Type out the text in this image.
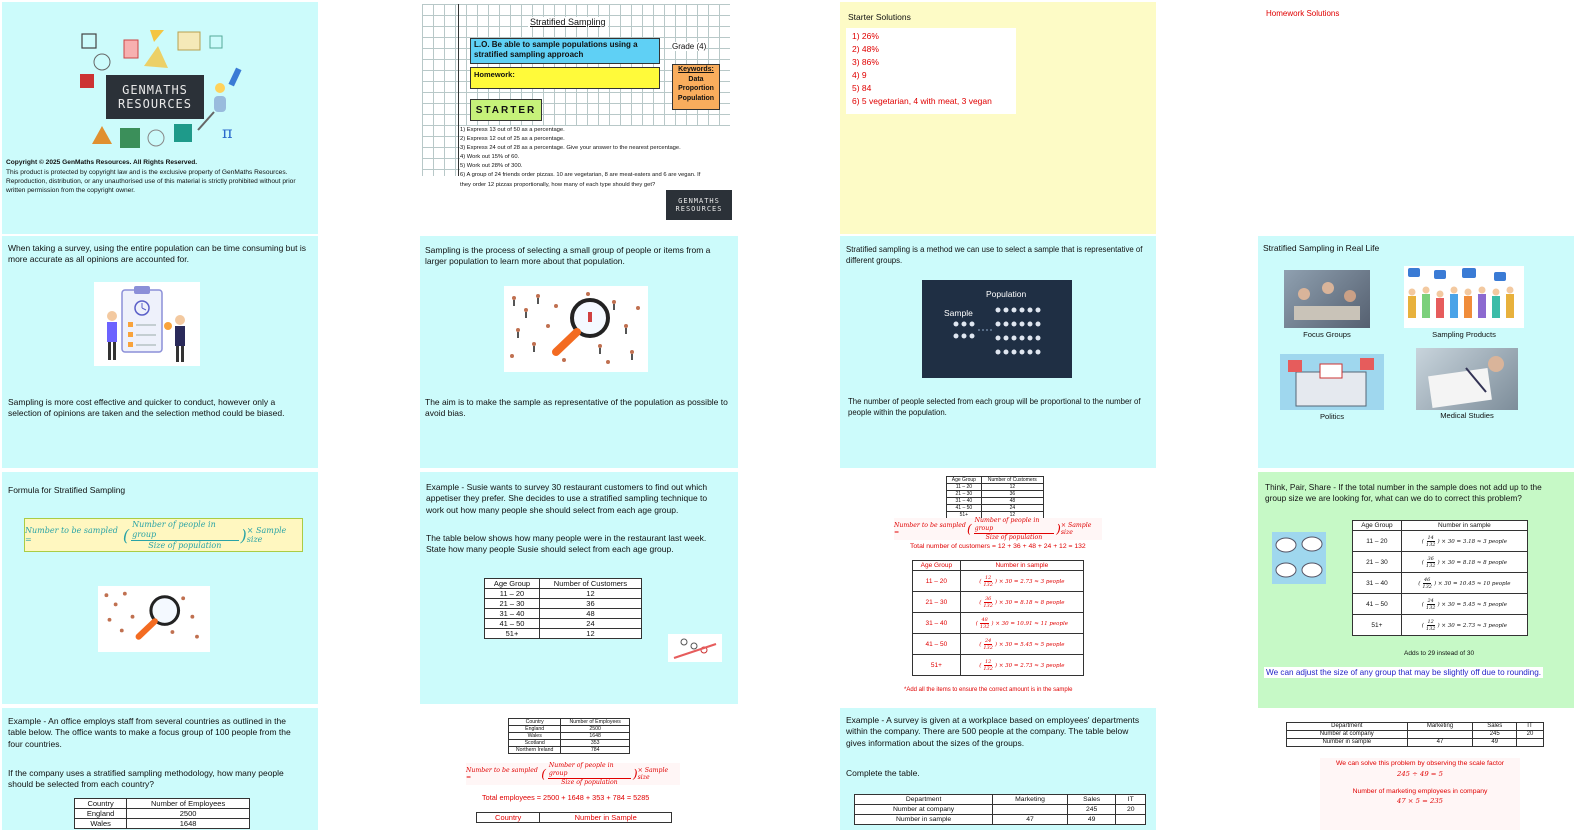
π
GENMATHS
RESOURCES

Copyright © 2025 GenMaths Resources. All Rights Reserved.

This product is protected by copyright law and is the exclusive property of GenMaths Resources. Reproduction, distribution, or any unauthorised use of this material is strictly prohibited without prior written permission from the copyright owner.

Stratified Sampling

L.O. Be able to sample populations using a stratified sampling approach

Grade (4)

Homework:

Keywords:
Data
Proportion
Population
STARTER

1) Express 13 out of 50 as a percentage.

2) Express 12 out of 25 as a percentage.

3) Express 24 out of 28 as a percentage. Give your answer to the nearest percentage.

4) Work out 15% of 60.

5) Work out 28% of 300.

6) A group of 24 friends order pizzas. 10 are vegetarian, 8 are meat-eaters and 6 are vegan. If

they order 12 pizzas proportionally, how many of each type should they get?

GENMATHS
RESOURCES

Starter Solutions

1) 26%

2) 48%

3) 86%

4) 9

5) 84

6) 5 vegetarian, 4 with meat, 3 vegan

Homework Solutions

When taking a survey, using the entire population can be time consuming but is more accurate as all opinions are accounted for.

Sampling is more cost effective and quicker to conduct, however only a selection of opinions are taken and the selection method could be biased.

Sampling is the process of selecting a small group of people or items from a larger population to learn more about that population.

The aim is to make the sample as representative of the population as possible to avoid bias.

Stratified sampling is a method we can use to select a sample that is representative of different groups.

Sample
Population

The number of people selected from each group will be proportional to the number of people within the population.

Stratified Sampling in Real Life

Focus Groups	Sampling Products

Politics	Medical Studies

Formula for Stratified Sampling

Number to be sampled =	( $\frac{\text{Number of people in group}}{\text{Size of population}}$ ) × Sample size

Example - Susie wants to survey 30 restaurant customers to find out which appetiser they prefer. She decides to use a stratified sampling technique to work out how many people she should select from each age group.

The table below shows how many people were in the restaurant last week. State how many people Susie should select from each age group.

Age Group	Number of Customers
11 – 20	12
21 – 30	36
31 – 40	48
41 – 50	24
51+	12
Age Group	Number of Customers
11 – 20	12
21 – 30	36
31 – 40	48
41 – 50	24
51+	12
Number to be sampled =	( $\frac{\text{Number of people in group}}{\text{Size of population}}$ ) × Sample size

Total number of customers = 12 + 36 + 48 + 24 + 12 = 132

Age Group	Number in sample
11 – 20	( $\frac{12}{132}$ ) × 30 = 2.73 ≈ 3 people
21 – 30	( $\frac{36}{132}$ ) × 30 = 8.18 ≈ 8 people
31 – 40	( $\frac{48}{132}$ ) × 30 = 10.91 ≈ 11 people
41 – 50	( $\frac{24}{132}$ ) × 30 = 5.45 ≈ 5 people
51+	( $\frac{12}{132}$ ) × 30 = 2.73 ≈ 3 people

*Add all the items to ensure the correct amount is in the sample

Think, Pair, Share - If the total number in the sample does not add up to the group size we are looking for, what can we do to correct this problem?

Age Group	Number in sample
11 – 20	( $\frac{14}{132}$ ) × 30 = 3.18 ≈ 3 people
21 – 30	( $\frac{36}{132}$ ) × 30 = 8.18 ≈ 8 people
31 – 40	( $\frac{46}{132}$ ) × 30 = 10.45 ≈ 10 people
41 – 50	( $\frac{24}{132}$ ) × 30 = 5.45 ≈ 5 people
51+	( $\frac{12}{132}$ ) × 30 = 2.73 ≈ 3 people

Adds to 29 instead of 30

We can adjust the size of any group that may be slightly off due to rounding.

Example - An office employs staff from several countries as outlined in the table below. The office wants to make a focus group of 100 people from the four countries.

If the company uses a stratified sampling methodology, how many people should be selected from each country?

Country	Number of Employees
England	2500
Wales	1648
Country	Number of Employees
England	2500
Wales	1648
Scotland	353
Northern Ireland	784
Number to be sampled =	( $\frac{\text{Number of people in group}}{\text{Size of population}}$ ) × Sample size

Total employees = 2500 + 1648 + 353 + 784 = 5285

Country	Number in Sample

Example - A survey is given at a workplace based on employees' departments within the company. There are 500 people at the company. The table below gives information about the sizes of the groups.

Complete the table.

Department	Marketing	Sales	IT
Number at company		245	20
Number in sample	47	49	
Department	Marketing	Sales	IT
Number at company		245	20
Number in sample	47	49	

We can solve this problem by observing the scale factor

245 ÷ 49 = 5

Number of marketing employees in company

47 × 5 = 235
